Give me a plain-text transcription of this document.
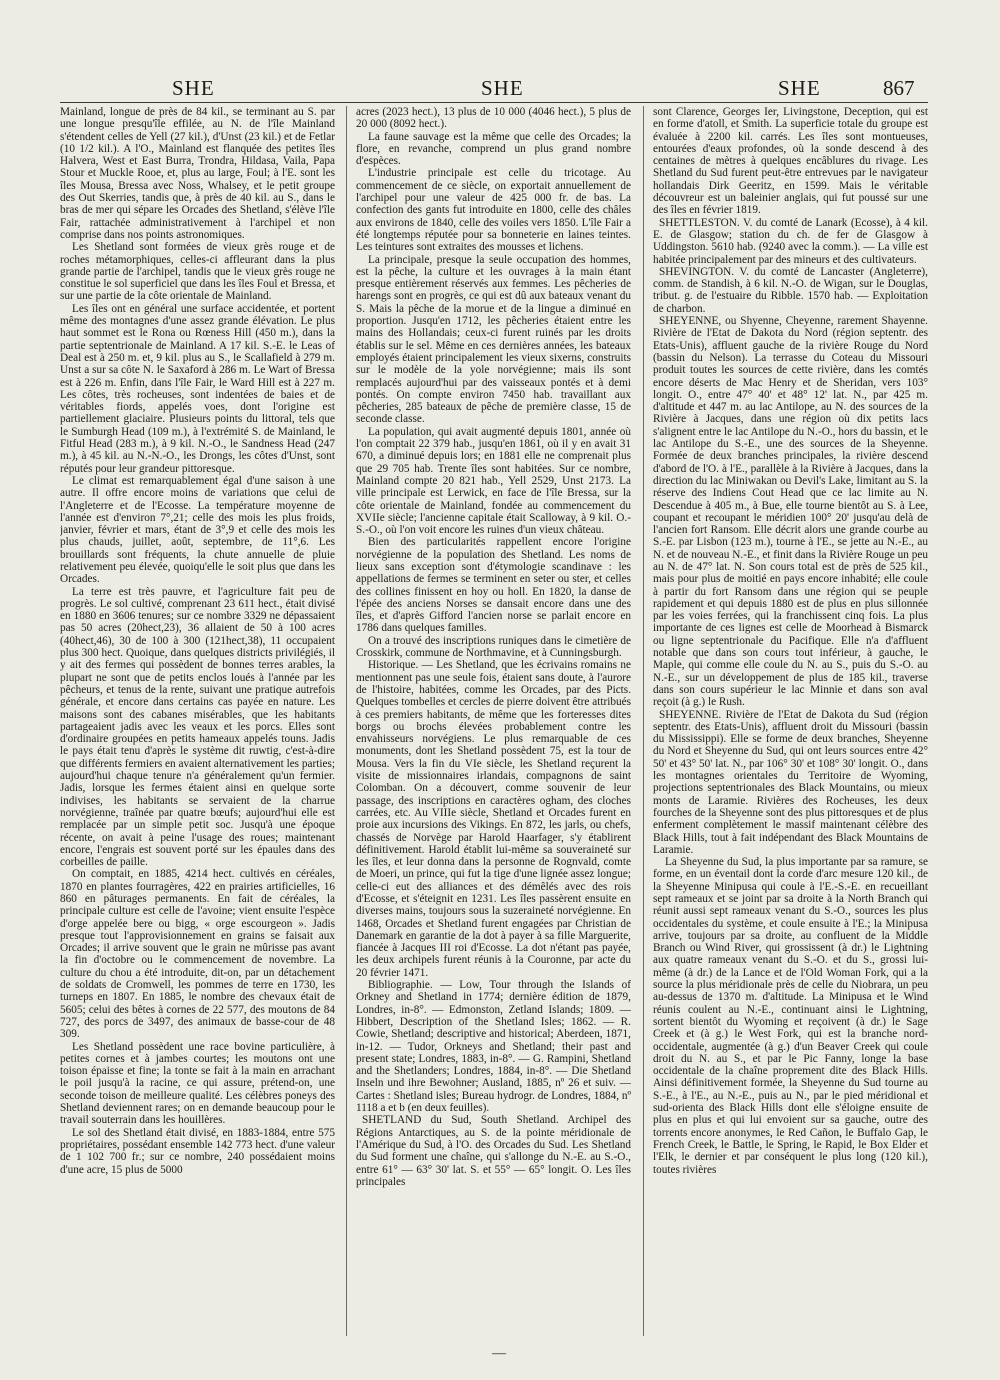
SHE	SHE	SHE	867

Mainland, longue de près de 84 kil., se terminant au S. par une longue presqu'île effilée, au N. de l'île Mainland s'étendent celles de Yell (27 kil.), d'Unst (23 kil.) et de Fetlar (10 1/2 kil.). A l'O., Mainland est flanquée des petites îles Halvera, West et East Burra, Trondra, Hildasa, Vaila, Papa Stour et Muckle Rooe, et, plus au large, Foul; à l'E. sont les îles Mousa, Bressa avec Noss, Whalsey, et le petit groupe des Out Skerries, tandis que, à près de 40 kil. au S., dans le bras de mer qui sépare les Orcades des Shetland, s'élève l'île Fair, rattachée administrativement à l'archipel et non comprise dans nos points astronomiques.

Les Shetland sont formées de vieux grès rouge et de roches métamorphiques, celles-ci affleurant dans la plus grande partie de l'archipel, tandis que le vieux grès rouge ne constitue le sol superficiel que dans les îles Foul et Bressa, et sur une partie de la côte orientale de Mainland.

Les îles ont en général une surface accidentée, et portent même des montagnes d'une assez grande élévation. Le plus haut sommet est le Rona ou Rœness Hill (450 m.), dans la partie septentrionale de Mainland. A 17 kil. S.-E. le Leas of Deal est à 250 m. et, 9 kil. plus au S., le Scallafield à 279 m. Unst a sur sa côte N. le Saxaford à 286 m. Le Wart of Bressa est à 226 m. Enfin, dans l'île Fair, le Ward Hill est à 227 m. Les côtes, très rocheuses, sont indentées de baies et de véritables fiords, appelés voes, dont l'origine est partiellement glaciaire. Plusieurs points du littoral, tels que le Sumburgh Head (109 m.), à l'extrémité S. de Mainland, le Fitful Head (283 m.), à 9 kil. N.-O., le Sandness Head (247 m.), à 45 kil. au N.-N.-O., les Drongs, les côtes d'Unst, sont réputés pour leur grandeur pittoresque.

Le climat est remarquablement égal d'une saison à une autre. Il offre encore moins de variations que celui de l'Angleterre et de l'Ecosse. La température moyenne de l'année est d'environ 7°,21; celle des mois les plus froids, janvier, février et mars, étant de 3°,9 et celle des mois les plus chauds, juillet, août, septembre, de 11°,6. Les brouillards sont fréquents, la chute annuelle de pluie relativement peu élevée, quoiqu'elle le soit plus que dans les Orcades.

La terre est très pauvre, et l'agriculture fait peu de progrès. Le sol cultivé, comprenant 23 611 hect., était divisé en 1880 en 3606 tenures; sur ce nombre 3329 ne dépassaient pas 50 acres (20hect,23), 36 allaient de 50 à 100 acres (40hect,46), 30 de 100 à 300 (121hect,38), 11 occupaient plus 300 hect. Quoique, dans quelques districts privilégiés, il y ait des fermes qui possèdent de bonnes terres arables, la plupart ne sont que de petits enclos loués à l'année par les pêcheurs, et tenus de la rente, suivant une pratique autrefois générale, et encore dans certains cas payée en nature. Les maisons sont des cabanes misérables, que les habitants partageaient jadis avec les veaux et les porcs. Elles sont d'ordinaire groupées en petits hameaux appelés touns. Jadis le pays était tenu d'après le système dit ruwtig, c'est-à-dire que différents fermiers en avaient alternativement les parties; aujourd'hui chaque tenure n'a généralement qu'un fermier. Jadis, lorsque les fermes étaient ainsi en quelque sorte indivises, les habitants se servaient de la charrue norvégienne, traînée par quatre bœufs; aujourd'hui elle est remplacée par un simple petit soc. Jusqu'à une époque récente, on avait à peine l'usage des roues; maintenant encore, l'engrais est souvent porté sur les épaules dans des corbeilles de paille.

On comptait, en 1885, 4214 hect. cultivés en céréales, 1870 en plantes fourragères, 422 en prairies artificielles, 16 860 en pâturages permanents. En fait de céréales, la principale culture est celle de l'avoine; vient ensuite l'espèce d'orge appelée bere ou bigg, « orge escourgeon ». Jadis presque tout l'approvisionnement en grains se faisait aux Orcades; il arrive souvent que le grain ne mûrisse pas avant la fin d'octobre ou le commencement de novembre. La culture du chou a été introduite, dit-on, par un détachement de soldats de Cromwell, les pommes de terre en 1730, les turneps en 1807. En 1885, le nombre des chevaux était de 5605; celui des bêtes à cornes de 22 577, des moutons de 84 727, des porcs de 3497, des animaux de basse-cour de 48 309.

Les Shetland possèdent une race bovine particulière, à petites cornes et à jambes courtes; les moutons ont une toison épaisse et fine; la tonte se fait à la main en arrachant le poil jusqu'à la racine, ce qui assure, prétend-on, une seconde toison de meilleure qualité. Les célèbres poneys des Shetland deviennent rares; on en demande beaucoup pour le travail souterrain dans les houillères.

Le sol des Shetland était divisé, en 1883-1884, entre 575 propriétaires, possédant ensemble 142 773 hect. d'une valeur de 1 102 700 fr.; sur ce nombre, 240 possédaient moins d'une acre, 15 plus de 5000

acres (2023 hect.), 13 plus de 10 000 (4046 hect.), 5 plus de 20 000 (8092 hect.).

La faune sauvage est la même que celle des Orcades; la flore, en revanche, comprend un plus grand nombre d'espèces.

L'industrie principale est celle du tricotage. Au commencement de ce siècle, on exportait annuellement de l'archipel pour une valeur de 425 000 fr. de bas. La confection des gants fut introduite en 1800, celle des châles aux environs de 1840, celle des voiles vers 1850. L'île Fair a été longtemps réputée pour sa bonneterie en laines teintes. Les teintures sont extraites des mousses et lichens.

La principale, presque la seule occupation des hommes, est la pêche, la culture et les ouvrages à la main étant presque entièrement réservés aux femmes. Les pêcheries de harengs sont en progrès, ce qui est dû aux bateaux venant du S. Mais la pêche de la morue et de la lingue a diminué en proportion. Jusqu'en 1712, les pêcheries étaient entre les mains des Hollandais; ceux-ci furent ruinés par les droits établis sur le sel. Même en ces dernières années, les bateaux employés étaient principalement les vieux sixerns, construits sur le modèle de la yole norvégienne; mais ils sont remplacés aujourd'hui par des vaisseaux pontés et à demi pontés. On compte environ 7450 hab. travaillant aux pêcheries, 285 bateaux de pêche de première classe, 15 de seconde classe.

La population, qui avait augmenté depuis 1801, année où l'on comptait 22 379 hab., jusqu'en 1861, où il y en avait 31 670, a diminué depuis lors; en 1881 elle ne comprenait plus que 29 705 hab. Trente îles sont habitées. Sur ce nombre, Mainland compte 20 821 hab., Yell 2529, Unst 2173. La ville principale est Lerwick, en face de l'île Bressa, sur la côte orientale de Mainland, fondée au commencement du XVIIe siècle; l'ancienne capitale était Scalloway, à 9 kil. O.-S.-O., où l'on voit encore les ruines d'un vieux château.

Bien des particularités rappellent encore l'origine norvégienne de la population des Shetland. Les noms de lieux sans exception sont d'étymologie scandinave : les appellations de fermes se terminent en seter ou ster, et celles des collines finissent en hoy ou holl. En 1820, la danse de l'épée des anciens Norses se dansait encore dans une des îles, et d'après Gifford l'ancien norse se parlait encore en 1786 dans quelques familles.

On a trouvé des inscriptions runiques dans le cimetière de Crosskirk, commune de Northmavine, et à Cunningsburgh.

Historique. — Les Shetland, que les écrivains romains ne mentionnent pas une seule fois, étaient sans doute, à l'aurore de l'histoire, habitées, comme les Orcades, par des Picts. Quelques tombelles et cercles de pierre doivent être attribués à ces premiers habitants, de même que les forteresses dites borgs ou brochs élevées probablement contre les envahisseurs norvégiens. Le plus remarquable de ces monuments, dont les Shetland possèdent 75, est la tour de Mousa. Vers la fin du VIe siècle, les Shetland reçurent la visite de missionnaires irlandais, compagnons de saint Colomban. On a découvert, comme souvenir de leur passage, des inscriptions en caractères ogham, des cloches carrées, etc. Au VIIIe siècle, Shetland et Orcades furent en proie aux incursions des Vikings. En 872, les jarls, ou chefs, chassés de Norvège par Harold Haarfager, s'y établirent définitivement. Harold établit lui-même sa souveraineté sur les îles, et leur donna dans la personne de Rognvald, comte de Moeri, un prince, qui fut la tige d'une lignée assez longue; celle-ci eut des alliances et des démêlés avec des rois d'Ecosse, et s'éteignit en 1231. Les îles passèrent ensuite en diverses mains, toujours sous la suzeraineté norvégienne. En 1468, Orcades et Shetland furent engagées par Christian de Danemark en garantie de la dot à payer à sa fille Marguerite, fiancée à Jacques III roi d'Ecosse. La dot n'étant pas payée, les deux archipels furent réunis à la Couronne, par acte du 20 février 1471.

Bibliographie. — Low, Tour through the Islands of Orkney and Shetland in 1774; dernière édition de 1879, Londres, in-8°. — Edmonston, Zetland Islands; 1809. — Hibbert, Description of the Shetland Isles; 1862. — R. Cowie, Shetland; descriptive and historical; Aberdeen, 1871, in-12. — Tudor, Orkneys and Shetland; their past and present state; Londres, 1883, in-8°. — G. Rampini, Shetland and the Shetlanders; Londres, 1884, in-8°. — Die Shetland Inseln und ihre Bewohner; Ausland, 1885, nº 26 et suiv. — Cartes : Shetland isles; Bureau hydrogr. de Londres, 1884, nº 1118 a et b (en deux feuilles).

SHETLAND du Sud, South Shetland. Archipel des Régions Antarctiques, au S. de la pointe méridionale de l'Amérique du Sud, à l'O. des Orcades du Sud. Les Shetland du Sud forment une chaîne, qui s'allonge du N.-E. au S.-O., entre 61° — 63° 30' lat. S. et 55° — 65° longit. O. Les îles principales

sont Clarence, Georges Ier, Livingstone, Deception, qui est en forme d'atoll, et Smith. La superficie totale du groupe est évaluée à 2200 kil. carrés. Les îles sont montueuses, entourées d'eaux profondes, où la sonde descend à des centaines de mètres à quelques encâblures du rivage. Les Shetland du Sud furent peut-être entrevues par le navigateur hollandais Dirk Geeritz, en 1599. Mais le véritable découvreur est un baleinier anglais, qui fut poussé sur une des îles en février 1819.

SHETTLESTON. V. du comté de Lanark (Ecosse), à 4 kil. E. de Glasgow; station du ch. de fer de Glasgow à Uddingston. 5610 hab. (9240 avec la comm.). — La ville est habitée principalement par des mineurs et des cultivateurs.

SHEVINGTON. V. du comté de Lancaster (Angleterre), comm. de Standish, à 6 kil. N.-O. de Wigan, sur le Douglas, tribut. g. de l'estuaire du Ribble. 1570 hab. — Exploitation de charbon.

SHEYENNE, ou Shyenne, Cheyenne, rarement Shayenne. Rivière de l'Etat de Dakota du Nord (région septentr. des Etats-Unis), affluent gauche de la rivière Rouge du Nord (bassin du Nelson). La terrasse du Coteau du Missouri produit toutes les sources de cette rivière, dans les comtés encore déserts de Mac Henry et de Sheridan, vers 103° longit. O., entre 47° 40' et 48° 12' lat. N., par 425 m. d'altitude et 447 m. au lac Antilope, au N. des sources de la Rivière à Jacques, dans une région où dix petits lacs s'alignent entre le lac Antilope du N.-O., hors du bassin, et le lac Antilope du S.-E., une des sources de la Sheyenne. Formée de deux branches principales, la rivière descend d'abord de l'O. à l'E., parallèle à la Rivière à Jacques, dans la direction du lac Miniwakan ou Devil's Lake, limitant au S. la réserve des Indiens Cout Head que ce lac limite au N. Descendue à 405 m., à Bue, elle tourne bientôt au S. à Lee, coupant et recoupant le méridien 100° 20' jusqu'au delà de l'ancien fort Ransom. Elle décrit alors une grande courbe au S.-E. par Lisbon (123 m.), tourne à l'E., se jette au N.-E., au N. et de nouveau N.-E., et finit dans la Rivière Rouge un peu au N. de 47° lat. N. Son cours total est de près de 525 kil., mais pour plus de moitié en pays encore inhabité; elle coule à partir du fort Ransom dans une région qui se peuple rapidement et qui depuis 1880 est de plus en plus sillonnée par les voies ferrées, qui la franchissent cinq fois. La plus importante de ces lignes est celle de Moorhead à Bismarck ou ligne septentrionale du Pacifique. Elle n'a d'affluent notable que dans son cours tout inférieur, à gauche, le Maple, qui comme elle coule du N. au S., puis du S.-O. au N.-E., sur un développement de plus de 185 kil., traverse dans son cours supérieur le lac Minnie et dans son aval reçoit (à g.) le Rush.

SHEYENNE. Rivière de l'Etat de Dakota du Sud (région septentr. des Etats-Unis), affluent droit du Missouri (bassin du Mississippi). Elle se forme de deux branches, Sheyenne du Nord et Sheyenne du Sud, qui ont leurs sources entre 42° 50' et 43° 50' lat. N., par 106° 30' et 108° 30' longit. O., dans les montagnes orientales du Territoire de Wyoming, projections septentrionales des Black Mountains, ou mieux monts de Laramie. Rivières des Rocheuses, les deux fourches de la Sheyenne sont des plus pittoresques et de plus enferment complètement le massif maintenant célèbre des Black Hills, tout à fait indépendant des Black Mountains de Laramie.

La Sheyenne du Sud, la plus importante par sa ramure, se forme, en un éventail dont la corde d'arc mesure 120 kil., de la Sheyenne Minipusa qui coule à l'E.-S.-E. en recueillant sept rameaux et se joint par sa droite à la North Branch qui réunit aussi sept rameaux venant du S.-O., sources les plus occidentales du système, et coule ensuite à l'E.; la Minipusa arrive, toujours par sa droite, au confluent de la Middle Branch ou Wind River, qui grossissent (à dr.) le Lightning aux quatre rameaux venant du S.-O. et du S., grossi lui-même (à dr.) de la Lance et de l'Old Woman Fork, qui a la source la plus méridionale près de celle du Niobrara, un peu au-dessus de 1370 m. d'altitude. La Minipusa et le Wind réunis coulent au N.-E., continuant ainsi le Lightning, sortent bientôt du Wyoming et reçoivent (à dr.) le Sage Creek et (à g.) le West Fork, qui est la branche nord-occidentale, augmentée (à g.) d'un Beaver Creek qui coule droit du N. au S., et par le Pic Fanny, longe la base occidentale de la chaîne proprement dite des Black Hills. Ainsi définitivement formée, la Sheyenne du Sud tourne au S.-E., à l'E., au N.-E., puis au N., par le pied méridional et sud-orienta des Black Hills dont elle s'éloigne ensuite de plus en plus et qui lui envoient sur sa gauche, outre des torrents encore anonymes, le Red Cañon, le Buffalo Gap, le French Creek, le Battle, le Spring, le Rapid, le Box Elder et l'Elk, le dernier et par conséquent le plus long (120 kil.), toutes rivières

—
